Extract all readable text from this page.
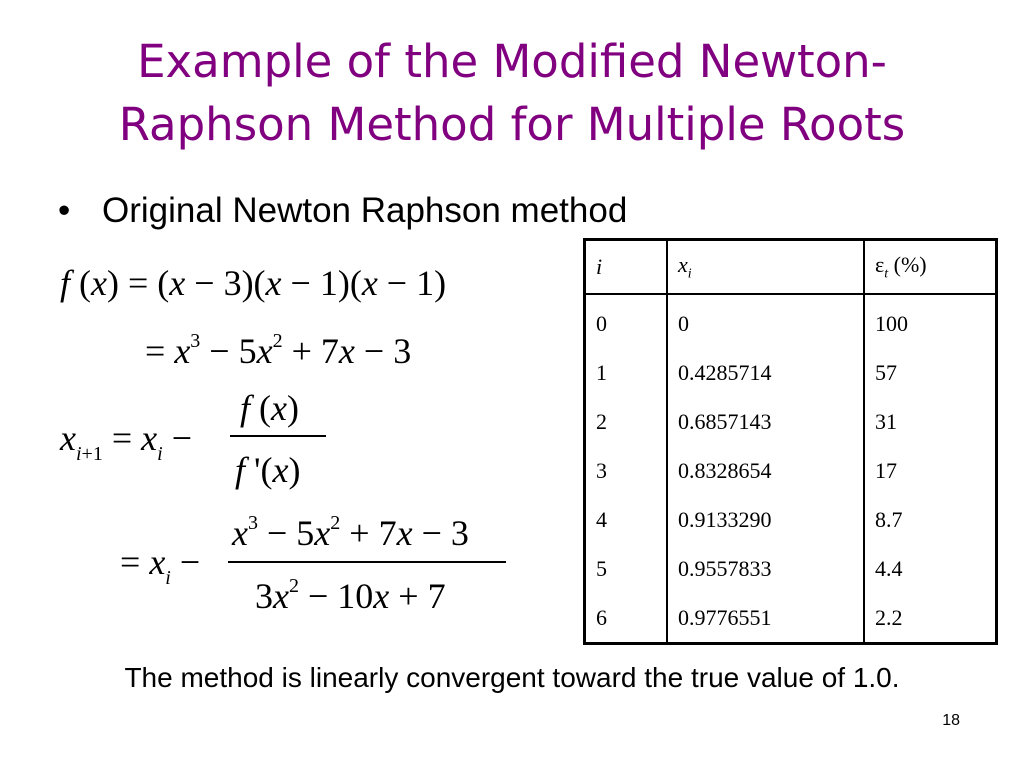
Example of the Modified Newton-
Raphson Method for Multiple Roots
• Original Newton Raphson method
f (x) = (x − 3)(x − 1)(x − 1)
= $x^3 - 5x^2 + 7x - 3$
$x_i+1 = x_i$ −
f (x)
f '(x)
= $x_i$ −
$x^3 - 5x^2 + 7x - 3$
$3x^2 - 10x + 7$
i	$x_i$	$\varepsilon_t$ (%)
0	0	100
1	0.4285714	57
2	0.6857143	31
3	0.8328654	17
4	0.9133290	8.7
5	0.9557833	4.4
6	0.9776551	2.2
The method is linearly convergent toward the true value of 1.0.
18
